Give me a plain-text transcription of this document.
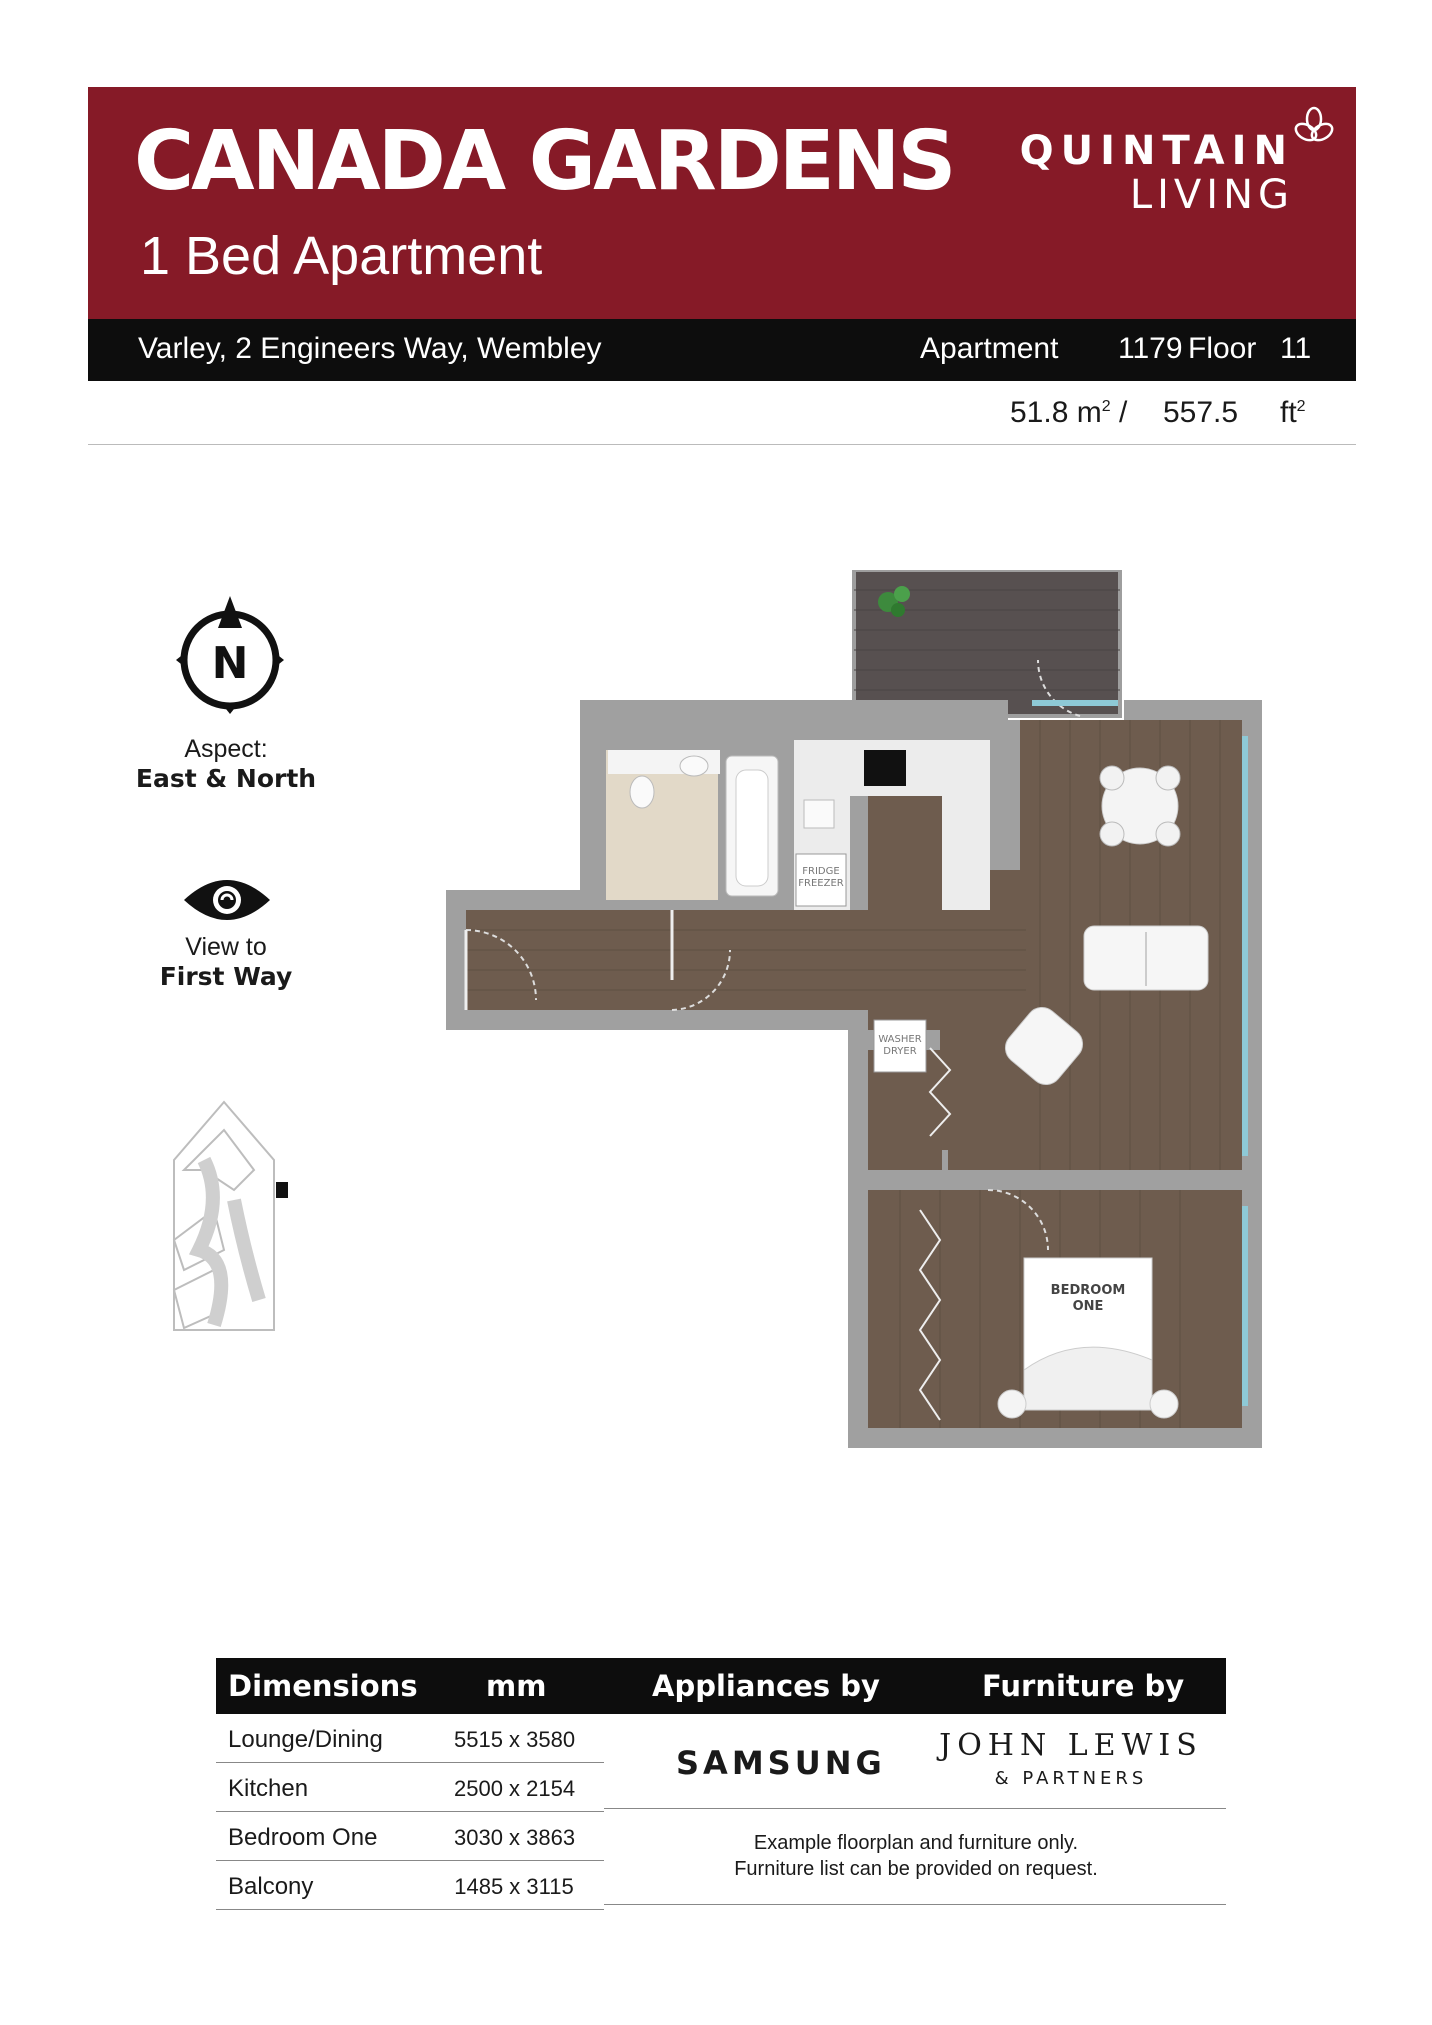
CANADA GARDENS
1 Bed Apartment
QUINTAIN
LIVING
Varley, 2 Engineers Way, Wembley	Apartment 1179 Floor 11
51.8 $m^2 / 557.5$ $ft^2$
N
Aspect:
East & North
View to
First Way
FRIDGE
FREEZER
WASHER
DRYER
BEDROOM
ONE
Dimensions mm	Appliances by	Furniture by
Lounge/Dining	5515 x 3580
Kitchen	2500 x 2154
Bedroom One	3030 x 3863
Balcony	1485 x 3115
SAMSUNG JOHN LEWIS
& PARTNERS
Example floorplan and furniture only.
Furniture list can be provided on request.
